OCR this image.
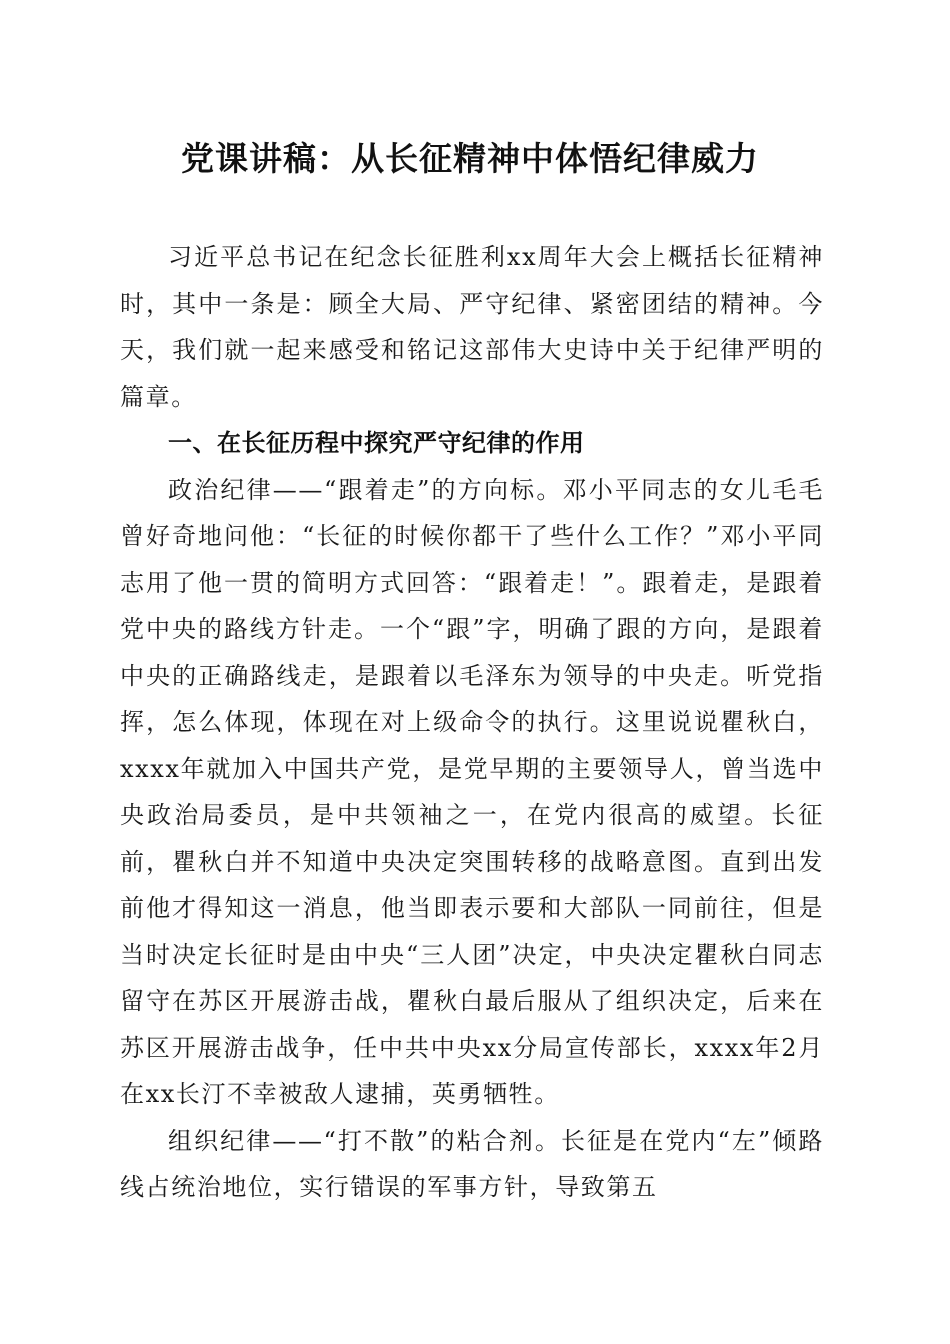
党课讲稿：从长征精神中体悟纪律威力

习近平总书记在纪念长征胜利xx周年大会上概括长征精神时，其中一条是：顾全大局、严守纪律、紧密团结的精神。今天，我们就一起来感受和铭记这部伟大史诗中关于纪律严明的篇章。

一、在长征历程中探究严守纪律的作用

政治纪律——“跟着走”的方向标。邓小平同志的女儿毛毛曾好奇地问他：“长征的时候你都干了些什么工作？”邓小平同志用了他一贯的简明方式回答：“跟着走！”。跟着走，是跟着党中央的路线方针走。一个“跟”字，明确了跟的方向，是跟着中央的正确路线走，是跟着以毛泽东为领导的中央走。听党指挥，怎么体现，体现在对上级命令的执行。这里说说瞿秋白，xxxx年就加入中国共产党，是党早期的主要领导人，曾当选中央政治局委员，是中共领袖之一，在党内很高的威望。长征前，瞿秋白并不知道中央决定突围转移的战略意图。直到出发前他才得知这一消息，他当即表示要和大部队一同前往，但是当时决定长征时是由中央“三人团”决定，中央决定瞿秋白同志留守在苏区开展游击战，瞿秋白最后服从了组织决定，后来在苏区开展游击战争，任中共中央xx分局宣传部长，xxxx年2月在xx长汀不幸被敌人逮捕，英勇牺牲。

组织纪律——“打不散”的粘合剂。长征是在党内“左”倾路线占统治地位，实行错误的军事方针，导致第五
